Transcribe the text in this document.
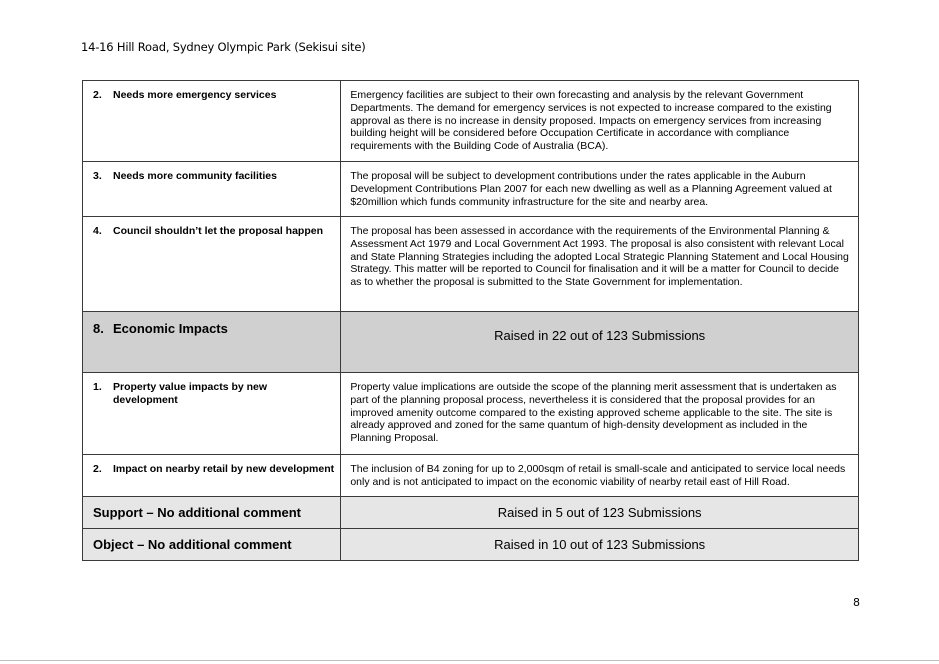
14-16 Hill Road, Sydney Olympic Park (Sekisui site)
2. Needs more emergency services	Emergency facilities are subject to their own forecasting and analysis by the relevant Government Departments. The demand for emergency services is not expected to increase compared to the existing approval as there is no increase in density proposed. Impacts on emergency services from increasing building height will be considered before Occupation Certificate in accordance with compliance requirements with the Building Code of Australia (BCA).

3. Needs more community facilities	The proposal will be subject to development contributions under the rates applicable in the Auburn Development Contributions Plan 2007 for each new dwelling as well as a Planning Agreement valued at $20million which funds community infrastructure for the site and nearby area.

4. Council shouldn’t let the proposal happen	The proposal has been assessed in accordance with the requirements of the Environmental Planning & Assessment Act 1979 and Local Government Act 1993. The proposal is also consistent with relevant Local and State Planning Strategies including the adopted Local Strategic Planning Statement and Local Housing Strategy. This matter will be reported to Council for finalisation and it will be a matter for Council to decide as to whether the proposal is submitted to the State Government for implementation.

8. Economic Impacts	Raised in 22 out of 123 Submissions

1. Property value impacts by new development	Property value implications are outside the scope of the planning merit assessment that is undertaken as part of the planning proposal process, nevertheless it is considered that the proposal provides for an improved amenity outcome compared to the existing approved scheme applicable to the site. The site is already approved and zoned for the same quantum of high-density development as included in the Planning Proposal.

2. Impact on nearby retail by new development	The inclusion of B4 zoning for up to 2,000sqm of retail is small-scale and anticipated to service local needs only and is not anticipated to impact on the economic viability of nearby retail east of Hill Road.

Support – No additional comment	Raised in 5 out of 123 Submissions

Object – No additional comment	Raised in 10 out of 123 Submissions
8
